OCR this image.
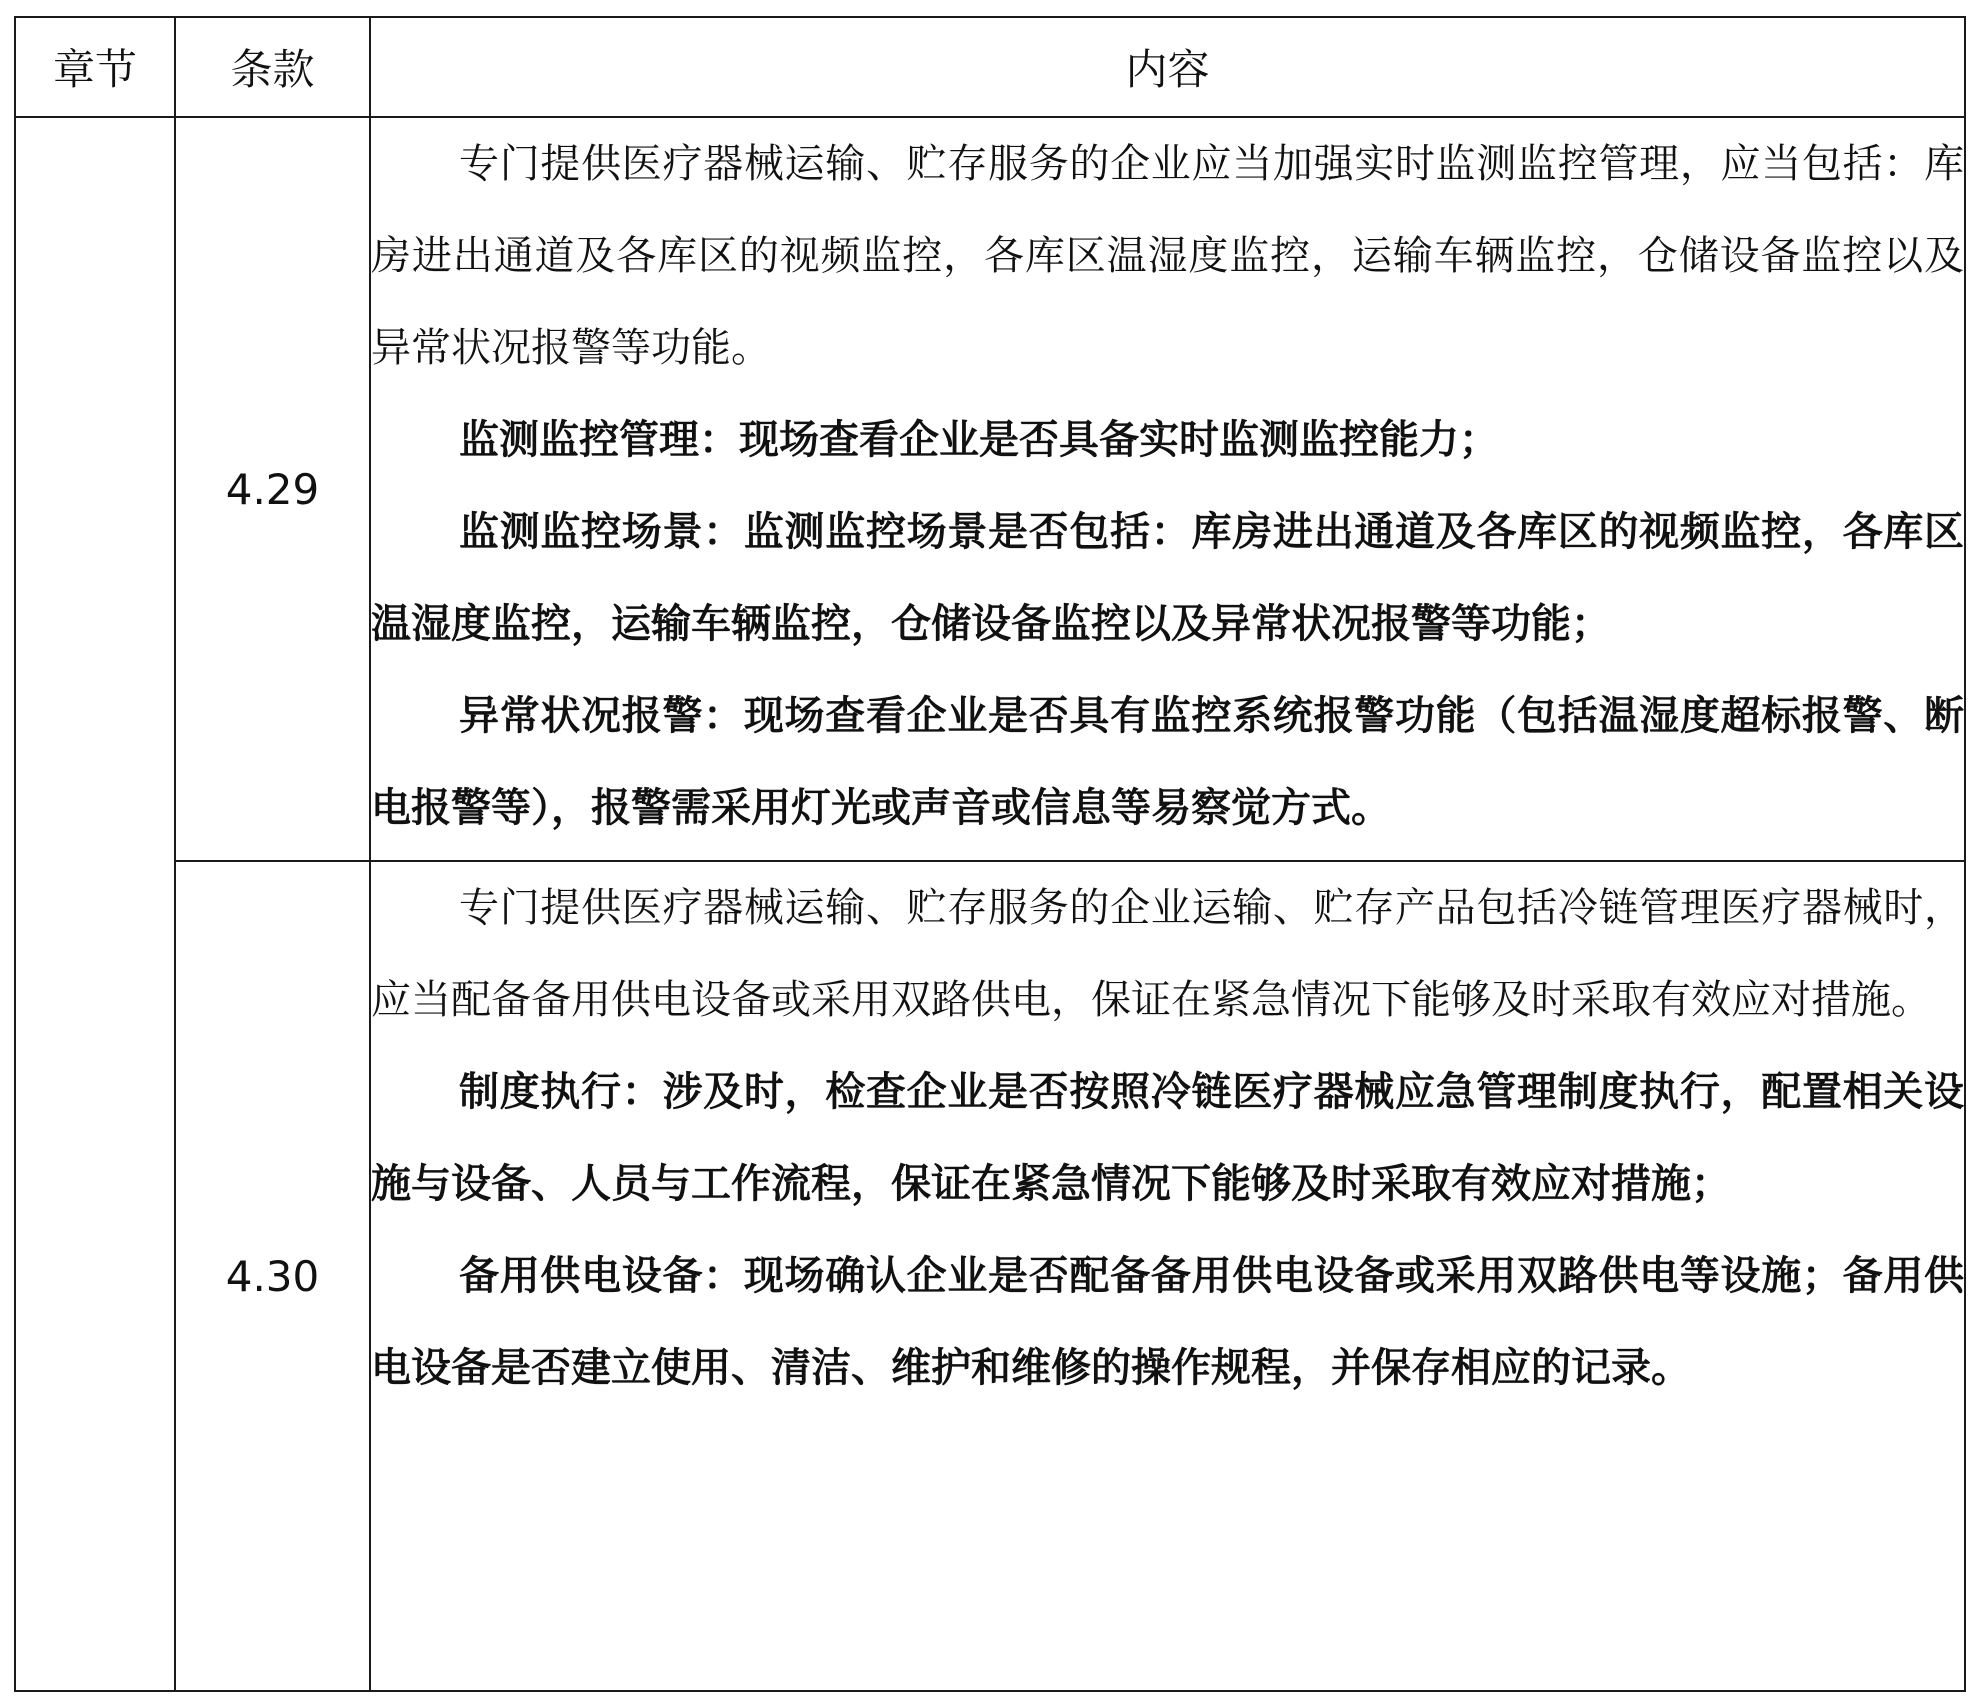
章节	条款	内容
	4.29	专门提供医疗器械运输、贮存服务的企业应当加强实时监测监控管理，应当包括：库房进出通道及各库区的视频监控，各库区温湿度监控，运输车辆监控，仓储设备监控以及异常状况报警等功能。

监测监控管理：现场查看企业是否具备实时监测监控能力；

监测监控场景：监测监控场景是否包括：库房进出通道及各库区的视频监控，各库区温湿度监控，运输车辆监控，仓储设备监控以及异常状况报警等功能；

异常状况报警：现场查看企业是否具有监控系统报警功能（包括温湿度超标报警、断电报警等），报警需采用灯光或声音或信息等易察觉方式。

	4.30	专门提供医疗器械运输、贮存服务的企业运输、贮存产品包括冷链管理医疗器械时，应当配备备用供电设备或采用双路供电，保证在紧急情况下能够及时采取有效应对措施。

制度执行：涉及时，检查企业是否按照冷链医疗器械应急管理制度执行，配置相关设施与设备、人员与工作流程，保证在紧急情况下能够及时采取有效应对措施；

备用供电设备：现场确认企业是否配备备用供电设备或采用双路供电等设施；备用供电设备是否建立使用、清洁、维护和维修的操作规程，并保存相应的记录。
